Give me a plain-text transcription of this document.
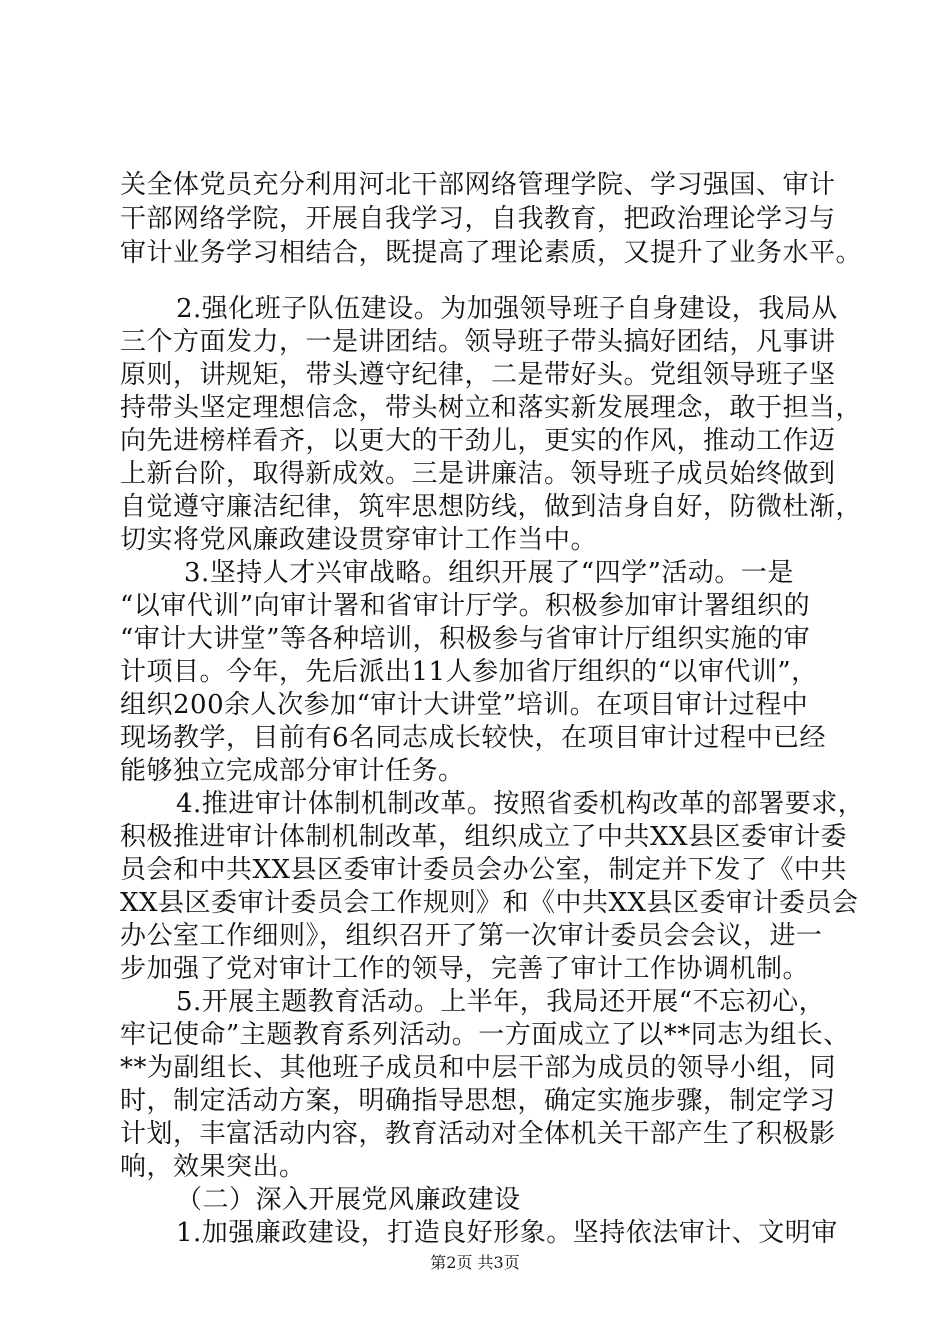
关全体党员充分利用河北干部网络管理学院、学习强国、审计
干部网络学院，开展自我学习，自我教育，把政治理论学习与
审计业务学习相结合，既提高了理论素质，又提升了业务水平。
2.强化班子队伍建设。为加强领导班子自身建设，我局从
三个方面发力，一是讲团结。领导班子带头搞好团结，凡事讲
原则，讲规矩，带头遵守纪律，二是带好头。党组领导班子坚
持带头坚定理想信念，带头树立和落实新发展理念，敢于担当，
向先进榜样看齐，以更大的干劲儿，更实的作风，推动工作迈
上新台阶，取得新成效。三是讲廉洁。领导班子成员始终做到
自觉遵守廉洁纪律，筑牢思想防线，做到洁身自好，防微杜渐，
切实将党风廉政建设贯穿审计工作当中。
3.坚持人才兴审战略。组织开展了“四学”活动。一是
“以审代训”向审计署和省审计厅学。积极参加审计署组织的
“审计大讲堂”等各种培训，积极参与省审计厅组织实施的审
计项目。今年，先后派出11人参加省厅组织的“以审代训”，
组织200余人次参加“审计大讲堂”培训。在项目审计过程中
现场教学，目前有6名同志成长较快，在项目审计过程中已经
能够独立完成部分审计任务。
4.推进审计体制机制改革。按照省委机构改革的部署要求，
积极推进审计体制机制改革，组织成立了中共XX县区委审计委
员会和中共XX县区委审计委员会办公室，制定并下发了《中共
XX县区委审计委员会工作规则》和《中共XX县区委审计委员会
办公室工作细则》，组织召开了第一次审计委员会会议，进一
步加强了党对审计工作的领导，完善了审计工作协调机制。
5.开展主题教育活动。上半年，我局还开展“不忘初心，
牢记使命”主题教育系列活动。一方面成立了以**同志为组长、
**为副组长、其他班子成员和中层干部为成员的领导小组，同
时，制定活动方案，明确指导思想，确定实施步骤，制定学习
计划，丰富活动内容，教育活动对全体机关干部产生了积极影
响，效果突出。
（二）深入开展党风廉政建设
第2页 共3页
1.加强廉政建设，打造良好形象。坚持依法审计、文明审
